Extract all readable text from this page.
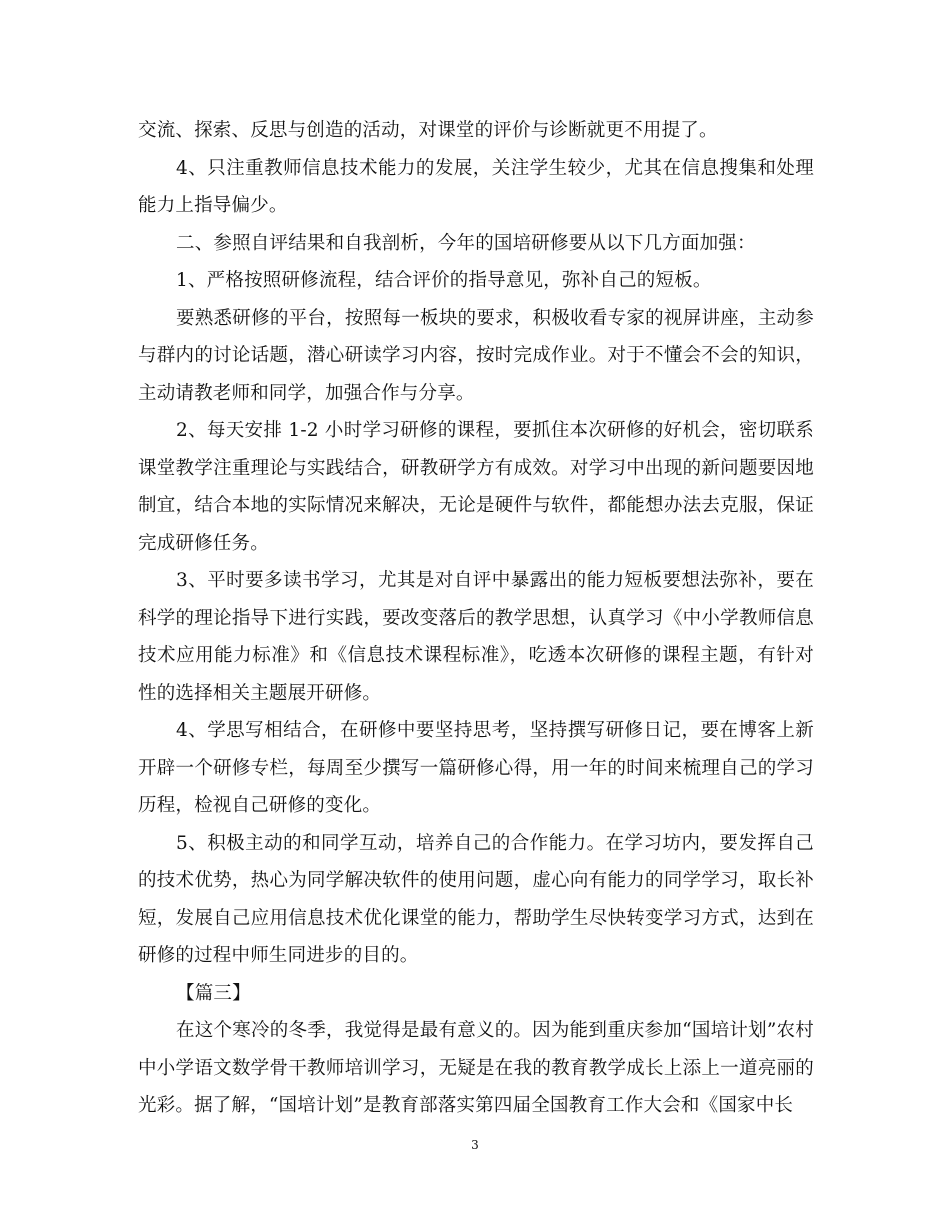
交流、探索、反思与创造的活动，对课堂的评价与诊断就更不用提了。

4、只注重教师信息技术能力的发展，关注学生较少，尤其在信息搜集和处理能力上指导偏少。

二、参照自评结果和自我剖析，今年的国培研修要从以下几方面加强：

1、严格按照研修流程，结合评价的指导意见，弥补自己的短板。

要熟悉研修的平台，按照每一板块的要求，积极收看专家的视屏讲座，主动参与群内的讨论话题，潜心研读学习内容，按时完成作业。对于不懂会不会的知识，主动请教老师和同学，加强合作与分享。

2、每天安排 1-2 小时学习研修的课程，要抓住本次研修的好机会，密切联系课堂教学注重理论与实践结合，研教研学方有成效。对学习中出现的新问题要因地制宜，结合本地的实际情况来解决，无论是硬件与软件，都能想办法去克服，保证完成研修任务。

3、平时要多读书学习，尤其是对自评中暴露出的能力短板要想法弥补，要在科学的理论指导下进行实践，要改变落后的教学思想，认真学习《中小学教师信息技术应用能力标准》和《信息技术课程标准》，吃透本次研修的课程主题，有针对性的选择相关主题展开研修。

4、学思写相结合，在研修中要坚持思考，坚持撰写研修日记，要在博客上新开辟一个研修专栏，每周至少撰写一篇研修心得，用一年的时间来梳理自己的学习历程，检视自己研修的变化。

5、积极主动的和同学互动，培养自己的合作能力。在学习坊内，要发挥自己的技术优势，热心为同学解决软件的使用问题，虚心向有能力的同学学习，取长补短，发展自己应用信息技术优化课堂的能力，帮助学生尽快转变学习方式，达到在研修的过程中师生同进步的目的。

【篇三】

在这个寒冷的冬季，我觉得是最有意义的。因为能到重庆参加“国培计划”农村中小学语文数学骨干教师培训学习，无疑是在我的教育教学成长上添上一道亮丽的光彩。据了解，“国培计划”是教育部落实第四届全国教育工作大会和《国家中长

3
